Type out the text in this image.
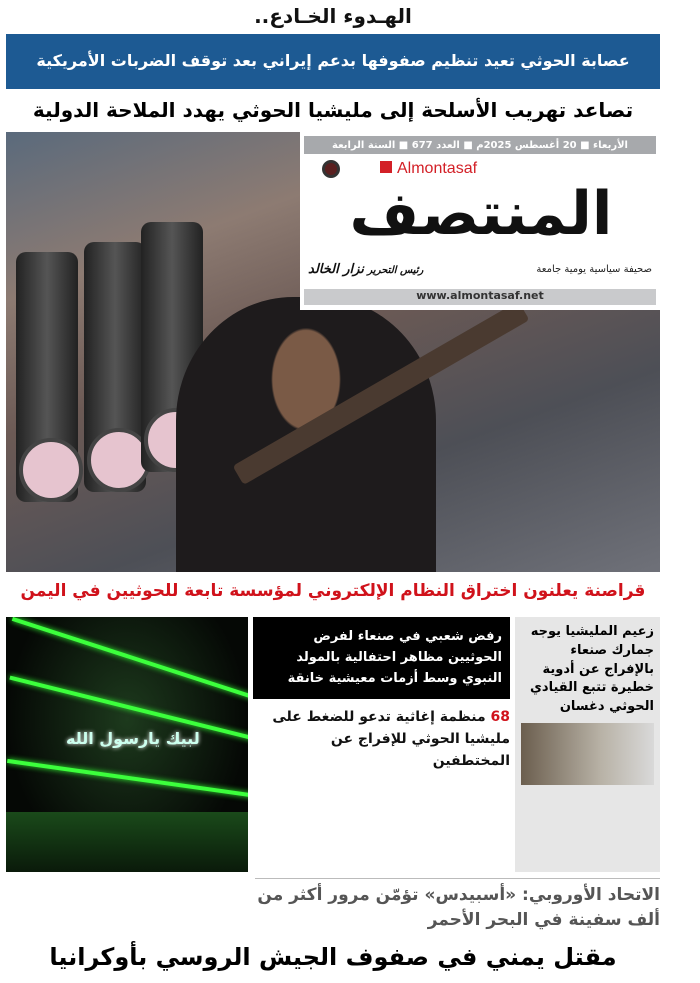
الهـدوء الخـادع..
عصابة الحوثي تعيد تنظيم صفوفها بدعم إيراني بعد توقف الضربات الأمريكية
تصاعد تهريب الأسلحة إلى مليشيا الحوثي يهدد الملاحة الدولية
الأربعاء ■ 20 أغسطس 2025م ■ العدد 677 ■ السنة الرابعة
Almontasaf
المنتصف
صحيفة سياسية يومية جامعة
رئيس التحرير نزار الخالد
www.almontasaf.net
قراصنة يعلنون اختراق النظام الإلكتروني لمؤسسة تابعة للحوثيين في اليمن
زعيم المليشيا يوجه جمارك صنعاء بالإفراج عن أدوية خطيرة تتبع القيادي الحوثي دغسان
رفض شعبي في صنعاء لفرض الحوثيين مظاهر احتفالية بالمولد النبوي وسط أزمات معيشية خانقة
68 منظمة إغاثية تدعو للضغط على مليشيا الحوثي للإفراج عن المختطفين
لبيك يارسول الله
الاتحاد الأوروبي: «أسبيدس» تؤمّن مرور أكثر من ألف سفينة في البحر الأحمر
مقتل يمني في صفوف الجيش الروسي بأوكرانيا
